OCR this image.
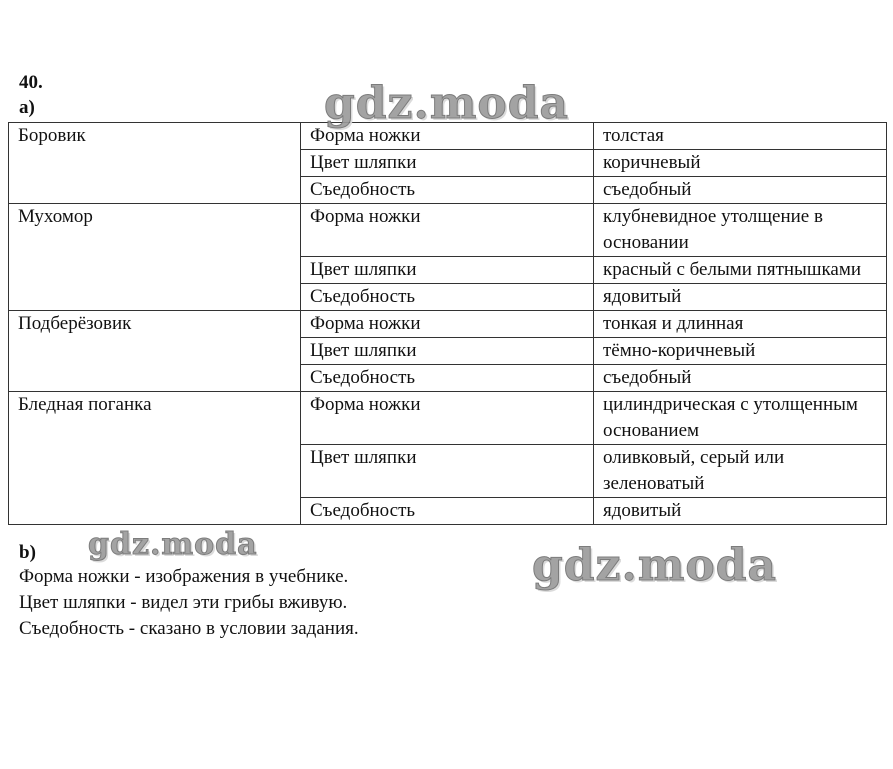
40.
а)
Боровик	Форма ножки	толстая
	Цвет шляпки	коричневый
	Съедобность	съедобный
Мухомор	Форма ножки	клубневидное утолщение в основании
	Цвет шляпки	красный с белыми пятнышками
	Съедобность	ядовитый
Подберёзовик	Форма ножки	тонкая и длинная
	Цвет шляпки	тёмно-коричневый
	Съедобность	съедобный
Бледная поганка	Форма ножки	цилиндрическая с утолщенным основанием
	Цвет шляпки	оливковый, серый или зеленоватый
	Съедобность	ядовитый
b)
Форма ножки - изображения в учебнике.
Цвет шляпки - видел эти грибы вживую.
Съедобность - сказано в условии задания.
gdz.moda
gdz.moda	gdz.moda
